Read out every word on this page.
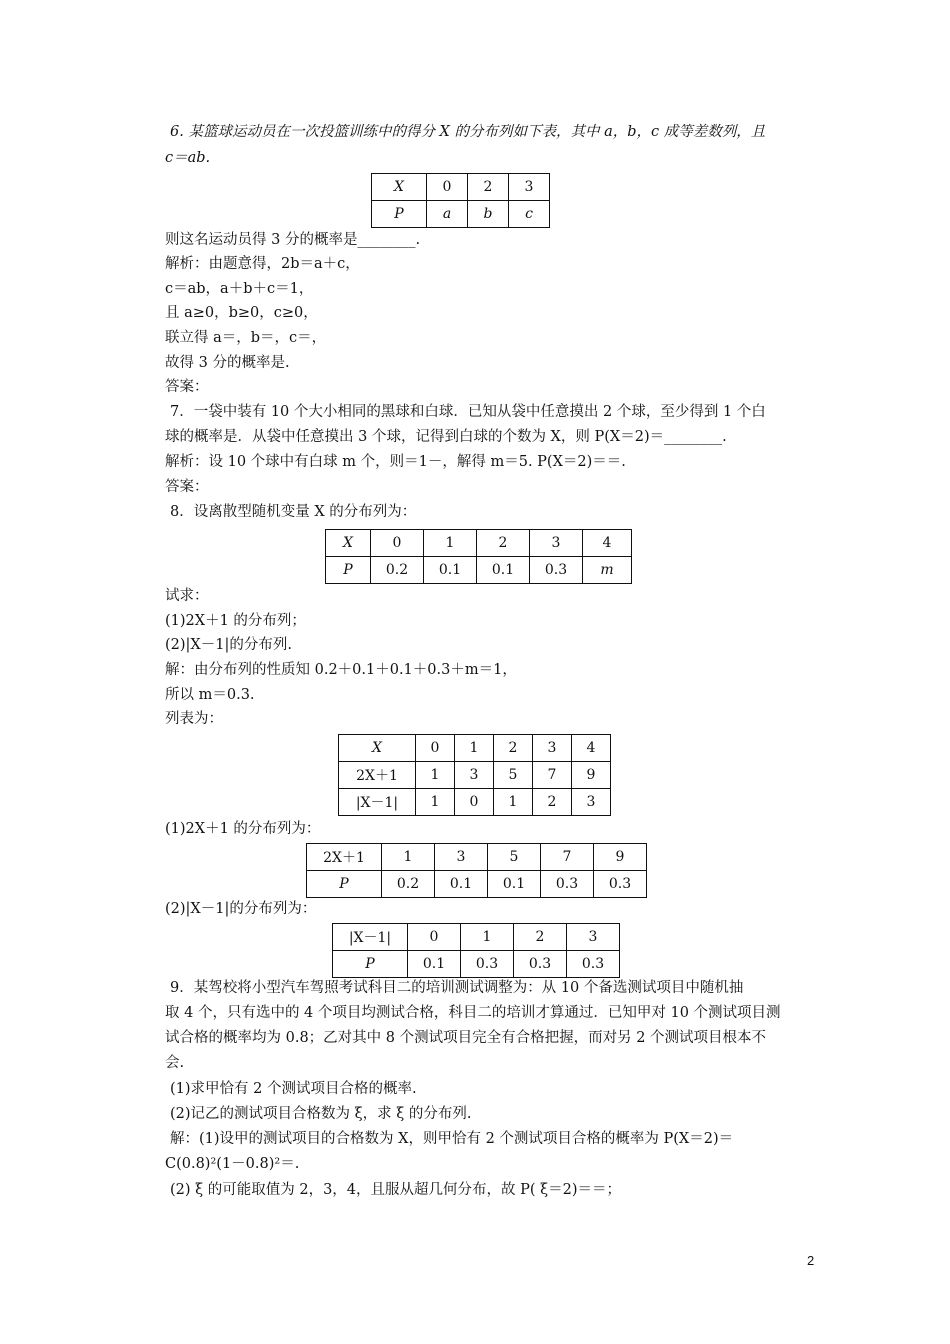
6. 某篮球运动员在一次投篮训练中的得分 X 的分布列如下表，其中 a，b，c 成等差数列，且
c＝ab.
X	0	2	3
P	a	b	c
则这名运动员得 3 分的概率是________.
解析：由题意得，2b＝a＋c，
c＝ab，a＋b＋c＝1，
且 a≥0，b≥0，c≥0，
联立得 a＝，b＝，c＝，
故得 3 分的概率是.
答案：
7．一袋中装有 10 个大小相同的黑球和白球．已知从袋中任意摸出 2 个球，至少得到 1 个白
球的概率是．从袋中任意摸出 3 个球，记得到白球的个数为 X，则 P(X＝2)＝________.
解析：设 10 个球中有白球 m 个，则＝1－，解得 m＝5. P(X＝2)＝＝.
答案：
8．设离散型随机变量 X 的分布列为：
X	0	1	2	3	4
P	0.2	0.1	0.1	0.3	m
试求：
(1)2X＋1 的分布列；
(2)|X－1|的分布列.
解：由分布列的性质知 0.2＋0.1＋0.1＋0.3＋m＝1，
所以 m＝0.3.
列表为：
X	0	1	2	3	4
2X＋1	1	3	5	7	9
|X－1|	1	0	1	2	3
(1)2X＋1 的分布列为：
2X＋1	1	3	5	7	9
P	0.2	0.1	0.1	0.3	0.3
(2)|X－1|的分布列为：
|X－1|	0	1	2	3
P	0.1	0.3	0.3	0.3
9．某驾校将小型汽车驾照考试科目二的培训测试调整为：从 10 个备选测试项目中随机抽
取 4 个，只有选中的 4 个项目均测试合格，科目二的培训才算通过．已知甲对 10 个测试项目测
试合格的概率均为 0.8；乙对其中 8 个测试项目完全有合格把握，而对另 2 个测试项目根本不
会.
(1)求甲恰有 2 个测试项目合格的概率.
(2)记乙的测试项目合格数为 ξ，求 ξ 的分布列.
解：(1)设甲的测试项目的合格数为 X，则甲恰有 2 个测试项目合格的概率为 P(X＝2)＝
C(0.8)²(1－0.8)²＝.
(2) ξ 的可能取值为 2，3，4，且服从超几何分布，故 P( ξ＝2)＝＝；
2
